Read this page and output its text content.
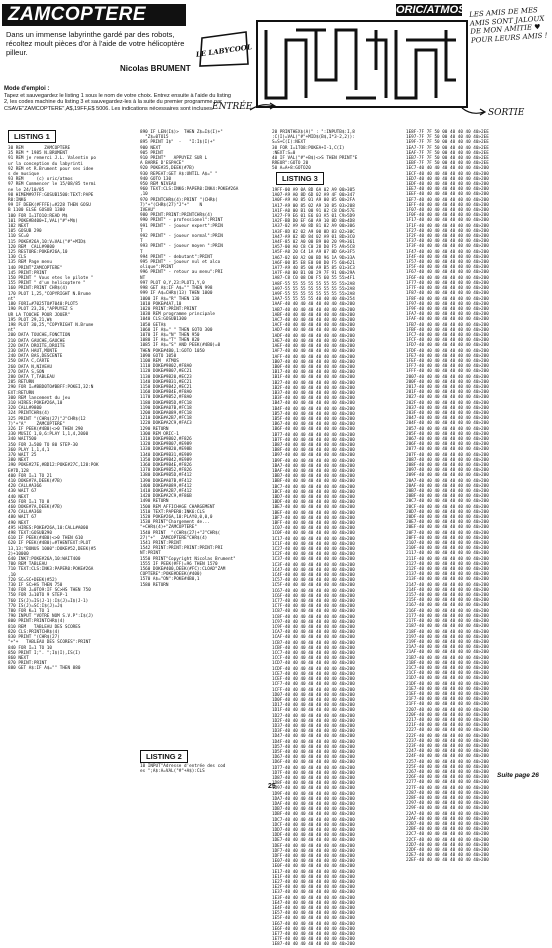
ZAMCOPTERE	ORIC/ATMOS
Dans un immense labyrinthe gardé par des robots, récoltez moult pièces d'or à l'aide de votre hélicoptère pilleur.
Nicolas BRUMENT
LE LABYCOOL
LES AMIS DE MES AMIS SONT JALOUX DE MON AMITIE ♥ POUR LEURS AMIS !
ENTRÉE
SORTIE
Mode d'emploi :
Tapez et sauvegardez le listing 1 sous le nom de votre choix. Entrez ensuite à l'aide du listing 2, les codes machine du listing 3 et sauvegardez-les à la suite du premier programme par CSAVE"ZAMCOPTERE",A$,19FF,E$ 5006. Les indications nécessaires sont incluses.
LISTING 1
30 REM        ZAMCOPTERE
35 REM * 1985 N.BRUMENT
91 REM je remerci J.L. Valentin po
ur la conception du labyrinti
92 REM et R.Brument pour ses idee
s de musique
93 REM     (c) oric/atmos
97 REM Commencer le 15/08/85 termi
ne le 24/10/85
98 HIMEM#97FF:GOSUB1500:TEXT:PAPE
R0:INK6
99 IF DEEK(#FFFE)=#228 THEN GOSU
B 1100 ELSE GOSUB 1300
100 FOR I=1TO10:READ M$
101 POKE#B400+I,VAL("#"+M$)
102 NEXT
105 GOSUB 290
110 SC=0
115 POKE#26A,10:V=VAL("#"+MID$
120 REM  CALL#9800
125 RESTORE:POKE#26A,10
130 CLS
135 REM Page menu
140 PRINT"ZAMCOPTERE"
145 PRINT:PRINT
150 PRINT " Vous etes le pilote "
155 PRINT " d'un helicoptere "
160 PRINT:PRINT CHR$(4)
170 PLOT 1,25,"COPYRIGHT N.Brume
nt"
180 FORI=#7025TO#7040:PLOT5
190 PLOT 23,26,"APPUYEZ S
UR LA TOUCHE POUR JOUER"
195 PLOT 29,21,W$
198 PLOT 30,25,"COPYRIGHT N.Brume
nt"
200 DATA TOUCHE,FONCTION
210 DATA GAUCHE,GAUCHE
220 DATA DROITE,DROITE
230 DATA HAUT,MONTE
240 DATA BAS,DESCENTE
250 DATA C,CARTE
260 DATA N,NIVEAU
270 DATA S,SON
280 DATA T,TABLEAU
285 RETURN
290 FOR I=#BBD0TO#BBFF:POKEI,32:N
EXT:RETURN
300 REM lancement du jeu
310 HIRES:POKE#26A,10
320 CALL#9800
324 PRINTCHR$(4)
325 PRINT "(CHR$(27)"J"CHR$(12
7)"+"A"    ZAMCOPTERE"
326 IF PEEK(#4B0)<>0 THEN 290
330 MUSIC 1,0,6:PLAY 1,1,4,2000
340 WAIT500
350 FOR J=500 TO 80 STEP-30
360 PLAY 1,1,4,1
370 WAIT 25
380 NEXT
390 POKE#27E,#BD12:POKE#27C,128:POK
E#7D,128
400 FOR I=1 TO 21
410 DOKE#7A,DEEK(#7B)
420 CALL#A366
430 WAIT 67
440 NEXT
450 FOR I=1 TO 8
460 DOKE#7A,DEEK(#7B)
470 CALL#A368
480 WAIT 67
490 NEXT
495 HIRES:POKE#26A,10:CALL#A000
498 TEXT:GOSUB290
610 IF PEEK(#4B0)<>0 THEN 610
620 IF PEEK(#4B0)=#THENTEXT:PLOT
13,13:"BONUS 1000":DOKE#52,DEEK(#5
2)+10000
640 INK7:POKE#26A,10:WAIT400
700 REM TABLEAU
710 TEXT:CLS:INK3:PAPER0:POKE#26A
,10
720 SC=SC+DEEK(#52)
730 IF SC>HS THEN 750
740 FOR J=0TO9:IF SC>HS THEN 750
750 FOR J=10TO 9 STEP-1
760 IS(J)=IS(J-1):I$(J)=I$(J-1)
770 IS(J)=SC:I$(J)=J$
780 FOR K=1 TO 1
790 INPUT "VOTRE NOM S.V.P":I$(J)
800 PRINT:PRINTCHR$(4)
810 REM   TABLEAU DES SCORES
820 CLS:PRINTCHR$(4)
830 PRINT "(CHR$(27)
"+"+   TABLEAU DES SCORES":PRINT
840 FOR I=1 TO 10
850 PRINT I;". ";I$(I),IS(I)
860 NEXT
870 PRINT:PRINT
880 GET A$:IF A$="" THEN 880
890 IF LEN(I$)>  THEN Z$=I$(I)+"
"Z$=0TO15
895 PRINT I$"  -   "I:I$(I)+"
900 NEXT
905 PRINT
910 PRINT"   APPUYEZ SUR L
A BARRE D'ESPACE"
920 POKE#35,DEEK(#7B)
930 REPEAT:GET A$:UNTIL A$=" "
940 GOTO 130
950 REM NIVEAU
960 TEXT:CLS:INK6:PAPER0:INK4:POKE#26A
,10
970 PRINTCHR$(4):PRINT "(CHR$(
7)"+"(CHR$(27)"J"+"    N
IVEAU"
980 PRINT:PRINT:PRINTCHR$(4)
990 PRINT" - professionel":PRINT
991 PRINT" - joueur expert":PRIN
T
992 PRINT" - joueur normal":PRIN
T
993 PRINT" - joueur moyen ":PRIN
T
994 PRINT" - debutant":PRINT
995 PRINT" - joueur nul et alco
olique":PRINT
996 PRINT" - retour au menu":PRI
NT
997 PLOT 0,Y,23:PLOT1,Y,0
998 GET A$:IF A$="" THEN 998
999 IF A$=CHR$(13) THEN 1000
1000 IF A$="R" THEN 130
1010 POKE#4A7,10
1020 PRINT:PRINT:PRINT
1030 REM programme principale
1040 CLS:GOSUB1300
1050 GETA$
1060 IF A$=" " THEN GOTO 300
1070 IF A$="N" THEN 950
1080 IF A$="T" THEN 820
1085 IF A$="S" AND PEEK(#4B0)=0
THEN POKE#4B0,1:GOTO 1050
1090 GOTO 1050
1100 REM  ATMOS
1110 DOKE#9802,#F8A0
1120 DOKE#9B07,#EC21
1130 DOKE#9B20,#EC23
1140 DOKE#9B31,#EC21
1150 DOKE#9B42,#EC21
1160 DOKE#9B4E,#F8A0
1170 DOKE#9B52,#F8A0
1180 DOKE#9B5D,#FC18
1190 DOKE#A07B,#FC18
1200 DOKE#A089,#FC18
1210 DOKE#A2B7,#FC18
1220 DOKE#A2C9,#FAC3
1290 RETURN
1300 REM ORIC-1
1310 DOKE#9B02,#F826
1320 DOKE#9B07,#E989
1330 DOKE#9B20,#E98B
1340 DOKE#9B31,#E989
1350 DOKE#9B42,#E989
1360 DOKE#9B4E,#F826
1370 DOKE#9B52,#F826
1380 DOKE#9B5D,#F412
1390 DOKE#A07B,#F412
1400 DOKE#A089,#F412
1410 DOKE#A2B7,#F412
1420 DOKE#A2C9,#F86B
1490 RETURN
1500 REM AFFICHAGE CHARGEMENT
1510 TEXT:PAPER0:INK6:CLS
1520 POKE#26A,10:PLAY0,0,0,0
1530 PRINT"Chargement de...
"+CHR$(4)+"ZAMCOPTERE"
1540 PRINT  "(CHR$(27)+"J"CHR$(
27)"+"  ZAMCOPTERE"CHR$(4)
1541 PRINT:PRINT
1542 PRINT:PRINT:PRINT:PRINT:PRI
NT:PRINT
1550 PRINT"Copyright Nicolas Brument"
1555 IF PEEK(#FF)=96 THEN 1570
1560 DOKE#400,DEEK(#FC):CLOAD"ZAM
COPTERE":POKE#DEEK(#400)
1570 A$="ON":POKE#4B0,1
1580 RETURN
LISTING 2
10 INPUT"Adresse d'entrée des cod
es ";A$:A=VAL("#"+A$):CLS
20 PRINTHEX$(A)" : ":INPUTB$:I,8
:C(I)=VAL("#"+MID$(B$,I*3-2,2)):
S=S+C(I):NEXT
30 FOR I=1TO8:POKEA+I-1,C(I)
:NEXT:S=0
40 IF VAL("#"+B$)<>S THEN PRINT"E
RREUR":GOTO 20
50 A=A+8:GOTO20
LISTING 3
19FF-00 A9 0A 8D 6A 02 A9 00>305
1A07-A9 A0 8D 6D 02 A9 4F 00>347
1A0F-A9 A0 85 01 A9 00 85 00>2FA
1A17-A9 00 85 02 A9 10 85 03>208
1A1F-A0 00 B1 00 91 02 C8 D0>57E
1A27-F9 E6 01 E6 03 A5 01 C9>5D9
1A2F-BB D0 EF 60 A9 10 8D 80>4D8
1A37-02 A9 A0 8D 81 02 A9 00>306
1A3F-8D 82 02 A9 00 8D 83 02>30C
1A47-A9 02 8D 84 02 A9 01 8D>3C0
1A4F-85 02 A0 00 B9 00 20 99>361
1A57-00 A0 C8 C0 28 D0 F5 A9>5C8
1A5F-A0 20 C4 1A A9 07 8D 6A>3F5
1A67-02 60 A2 00 BD 96 1A 9D>33A
1A6F-00 B5 E8 E0 08 D0 F5 60>621
1A77-A9 40 85 00 A9 B5 85 01>3C3
1A7F-A0 00 B1 00 29 7F 91 00>29A
1A87-C8 C0 08 D0 F5 60 55 55>4F1
1A8F-55 55 55 55 55 55 55 55>2A8
1A97-55 55 55 55 55 55 55 55>2A8
1A9F-55 55 55 55 55 55 55 55>2A8
1AA7-55 55 55 55 40 40 40 40>254
1AAF-40 40 40 40 40 40 40 40>200
1AB7-40 40 40 40 40 40 40 40>200
1ABF-40 40 40 40 40 40 40 40>200
1AC7-40 40 40 40 40 40 40 40>200
1ACF-40 40 40 40 40 40 40 40>200
1AD7-40 40 40 40 40 40 40 40>200
1ADF-40 40 40 40 40 40 40 40>200
1AE7-40 40 40 40 40 40 40 40>200
1AEF-40 40 40 40 40 40 40 40>200
1AF7-40 40 40 40 40 40 40 40>200
1AFF-40 40 40 40 40 40 40 40>200
1B07-40 40 40 40 40 40 40 40>200
1B0F-40 40 40 40 40 40 40 40>200
1B17-40 40 40 40 40 40 40 40>200
1B1F-40 40 40 40 40 40 40 40>200
1B27-40 40 40 40 40 40 40 40>200
1B2F-40 40 40 40 40 40 40 40>200
1B37-40 40 40 40 40 40 40 40>200
1B3F-40 40 40 40 40 40 40 40>200
1B47-40 40 40 40 40 40 40 40>200
1B4F-40 40 40 40 40 40 40 40>200
1B57-40 40 40 40 40 40 40 40>200
1B5F-40 40 40 40 40 40 40 40>200
1B67-40 40 40 40 40 40 40 40>200
1B6F-40 40 40 40 40 40 40 40>200
1B77-40 40 40 40 40 40 40 40>200
1B7F-40 40 40 40 40 40 40 40>200
1B87-40 40 40 40 40 40 40 40>200
1B8F-40 40 40 40 40 40 40 40>200
1B97-40 40 40 40 40 40 40 40>200
1B9F-40 40 40 40 40 40 40 40>200
1BA7-40 40 40 40 40 40 40 40>200
1BAF-40 40 40 40 40 40 40 40>200
1BB7-40 40 40 40 40 40 40 40>200
1BBF-40 40 40 40 40 40 40 40>200
1BC7-40 40 40 40 40 40 40 40>200
1BCF-40 40 40 40 40 40 40 40>200
1BD7-40 40 40 40 40 40 40 40>200
1BDF-40 40 40 40 40 40 40 40>200
1BE7-40 40 40 40 40 40 40 40>200
1BEF-40 40 40 40 40 40 40 40>200
1BF7-40 40 40 40 40 40 40 40>200
1BFF-40 40 40 40 40 40 40 40>200
1C07-40 40 40 40 40 40 40 40>200
1C0F-40 40 40 40 40 40 40 40>200
1C17-40 40 40 40 40 40 40 40>200
1C1F-40 40 40 40 40 40 40 40>200
1C27-40 40 40 40 40 40 40 40>200
1C2F-40 40 40 40 40 40 40 40>200
1C37-40 40 40 40 40 40 40 40>200
1C3F-40 40 40 40 40 40 40 40>200
1C47-40 40 40 40 40 40 40 40>200
1C4F-40 40 40 40 40 40 40 40>200
1C57-40 40 40 40 40 40 40 40>200
1C5F-40 40 40 40 40 40 40 40>200
1C67-40 40 40 40 40 40 40 40>200
1C6F-40 40 40 40 40 40 40 40>200
1C77-40 40 40 40 40 40 40 40>200
1C7F-40 40 40 40 40 40 40 40>200
1C87-40 40 40 40 40 40 40 40>200
1C8F-40 40 40 40 40 40 40 40>200
1C97-40 40 40 40 40 40 40 40>200
1C9F-40 40 40 40 40 40 40 40>200
1CA7-40 40 40 40 40 40 40 40>200
1CAF-40 40 40 40 40 40 40 40>200
1CB7-40 40 40 40 40 40 40 40>200
1CBF-40 40 40 40 40 40 40 40>200
1CC7-40 40 40 40 40 40 40 40>200
1CCF-40 40 40 40 40 40 40 40>200
1CD7-40 40 40 40 40 40 40 40>200
1CDF-40 40 40 40 40 40 40 40>200
1CE7-40 40 40 40 40 40 40 40>200
1CEF-40 40 40 40 40 40 40 40>200
1CF7-40 40 40 40 40 40 40 40>200
1CFF-40 40 40 40 40 40 40 40>200
1D07-40 40 40 40 40 40 40 40>200
1D0F-40 40 40 40 40 40 40 40>200
1D17-40 40 40 40 40 40 40 40>200
1D1F-40 40 40 40 40 40 40 40>200
1D27-40 40 40 40 40 40 40 40>200
1D2F-40 40 40 40 40 40 40 40>200
1D37-40 40 40 40 40 40 40 40>200
1D3F-40 40 40 40 40 40 40 40>200
1D47-40 40 40 40 40 40 40 40>200
1D4F-40 40 40 40 40 40 40 40>200
1D57-40 40 40 40 40 40 40 40>200
1D5F-40 40 40 40 40 40 40 40>200
1D67-40 40 40 40 40 40 40 40>200
1D6F-40 40 40 40 40 40 40 40>200
1D77-40 40 40 40 40 40 40 40>200
1D7F-40 40 40 40 40 40 40 40>200
1D87-40 40 40 40 40 40 40 40>200
1D8F-40 40 40 40 40 40 40 40>200
1D97-40 40 40 40 40 40 40 40>200
1D9F-40 40 40 40 40 40 40 40>200
1DA7-40 40 40 40 40 40 40 40>200
1DAF-40 40 40 40 40 40 40 40>200
1DB7-40 40 40 40 40 40 40 40>200
1DBF-40 40 40 40 40 40 40 40>200
1DC7-40 40 40 40 40 40 40 40>200
1DCF-40 40 40 40 40 40 40 40>200
1DD7-40 40 40 40 40 40 40 40>200
1DDF-40 40 40 40 40 40 40 40>200
1DE7-40 40 40 40 40 40 40 40>200
1DEF-40 40 40 40 40 40 40 40>200
1DF7-40 40 40 40 40 40 40 40>200
1DFF-40 40 40 40 40 40 40 40>200
1E07-40 40 40 40 40 40 40 40>200
1E0F-40 40 40 40 40 40 40 40>200
1E17-40 40 40 40 40 40 40 40>200
1E1F-40 40 40 40 40 40 40 40>200
1E27-40 40 40 40 40 40 40 40>200
1E2F-40 40 40 40 40 40 40 40>200
1E37-40 40 40 40 40 40 40 40>200
1E3F-40 40 40 40 40 40 40 40>200
1E47-40 40 40 40 40 40 40 40>200
1E4F-40 40 40 40 40 40 40 40>200
1E57-40 40 40 40 40 40 40 40>200
1E5F-40 40 40 40 40 40 40 40>200
1E67-40 40 40 40 40 40 40 40>200
1E6F-40 40 40 40 40 40 40 40>200
1E77-40 40 40 40 40 40 40 40>200
1E7F-40 40 40 40 40 40 40 40>200
1E87-40 40 40 40 40 40 40 40>200
1E8F-7F 7F 50 00 40 40 40 40>2EE
1E97-7F 7F 50 00 40 40 40 40>2EE
1E9F-7F 7F 50 00 40 40 40 40>2EE
1EA7-7F 7F 50 00 40 40 40 40>2EE
1EAF-7F 7F 50 00 40 40 40 40>2EE
1EB7-7F 7F 50 00 40 40 40 40>2EE
1EBF-7F 7F 50 00 40 40 40 40>2EE
1EC7-40 40 40 40 40 40 40 40>200
1ECF-40 40 40 40 40 40 40 40>200
1ED7-40 40 40 40 40 40 40 40>200
1EDF-40 40 40 40 40 40 40 40>200
1EE7-40 40 40 40 40 40 40 40>200
1EEF-40 40 40 40 40 40 40 40>200
1EF7-40 40 40 40 40 40 40 40>200
1EFF-40 40 40 40 40 40 40 40>200
1F07-40 40 40 40 40 40 40 40>200
1F0F-40 40 40 40 40 40 40 40>200
1F17-40 40 40 40 40 40 40 40>200
1F1F-40 40 40 40 40 40 40 40>200
1F27-40 40 40 40 40 40 40 40>200
1F2F-40 40 40 40 40 40 40 40>200
1F37-40 40 40 40 40 40 40 40>200
1F3F-40 40 40 40 40 40 40 40>200
1F47-40 40 40 40 40 40 40 40>200
1F4F-40 40 40 40 40 40 40 40>200
1F57-40 40 40 40 40 40 40 40>200
1F5F-40 40 40 40 40 40 40 40>200
1F67-40 40 40 40 40 40 40 40>200
1F6F-40 40 40 40 40 40 40 40>200
1F77-40 40 40 40 40 40 40 40>200
1F7F-40 40 40 40 40 40 40 40>200
1F87-40 40 40 40 40 40 40 40>200
1F8F-40 40 40 40 40 40 40 40>200
1F97-40 40 40 40 40 40 40 40>200
1F9F-40 40 40 40 40 40 40 40>200
1FA7-40 40 40 40 40 40 40 40>200
1FAF-40 40 40 40 40 40 40 40>200
1FB7-40 40 40 40 40 40 40 40>200
1FBF-40 40 40 40 40 40 40 40>200
1FC7-40 40 40 40 40 40 40 40>200
1FCF-40 40 40 40 40 40 40 40>200
1FD7-40 40 40 40 40 40 40 40>200
1FDF-40 40 40 40 40 40 40 40>200
1FE7-40 40 40 40 40 40 40 40>200
1FEF-40 40 40 40 40 40 40 40>200
1FF7-40 40 40 40 40 40 40 40>200
1FFF-40 40 40 40 40 40 40 40>200
2007-40 40 40 40 40 40 40 40>200
200F-40 40 40 40 40 40 40 40>200
2017-40 40 40 40 40 40 40 40>200
201F-40 40 40 40 40 40 40 40>200
2027-40 40 40 40 40 40 40 40>200
202F-40 40 40 40 40 40 40 40>200
2037-40 40 40 40 40 40 40 40>200
203F-40 40 40 40 40 40 40 40>200
2047-40 40 40 40 40 40 40 40>200
204F-40 40 40 40 40 40 40 40>200
2057-40 40 40 40 40 40 40 40>200
205F-40 40 40 40 40 40 40 40>200
2067-40 40 40 40 40 40 40 40>200
206F-40 40 40 40 40 40 40 40>200
2077-40 40 40 40 40 40 40 40>200
207F-40 40 40 40 40 40 40 40>200
2087-40 40 40 40 40 40 40 40>200
208F-40 40 40 40 40 40 40 40>200
2097-40 40 40 40 40 40 40 40>200
209F-40 40 40 40 40 40 40 40>200
20A7-40 40 40 40 40 40 40 40>200
20AF-40 40 40 40 40 40 40 40>200
20B7-40 40 40 40 40 40 40 40>200
20BF-40 40 40 40 40 40 40 40>200
20C7-40 40 40 40 40 40 40 40>200
20CF-40 40 40 40 40 40 40 40>200
20D7-40 40 40 40 40 40 40 40>200
20DF-40 40 40 40 40 40 40 40>200
20E7-40 40 40 40 40 40 40 40>200
20EF-40 40 40 40 40 40 40 40>200
20F7-40 40 40 40 40 40 40 40>200
20FF-40 40 40 40 40 40 40 40>200
2107-40 40 40 40 40 40 40 40>200
210F-40 40 40 40 40 40 40 40>200
2117-40 40 40 40 40 40 40 40>200
211F-40 40 40 40 40 40 40 40>200
2127-40 40 40 40 40 40 40 40>200
212F-40 40 40 40 40 40 40 40>200
2137-40 40 40 40 40 40 40 40>200
213F-40 40 40 40 40 40 40 40>200
2147-40 40 40 40 40 40 40 40>200
214F-40 40 40 40 40 40 40 40>200
2157-40 40 40 40 40 40 40 40>200
215F-40 40 40 40 40 40 40 40>200
2167-40 40 40 40 40 40 40 40>200
216F-40 40 40 40 40 40 40 40>200
2177-40 40 40 40 40 40 40 40>200
217F-40 40 40 40 40 40 40 40>200
2187-40 40 40 40 40 40 40 40>200
218F-40 40 40 40 40 40 40 40>200
2197-40 40 40 40 40 40 40 40>200
219F-40 40 40 40 40 40 40 40>200
21A7-40 40 40 40 40 40 40 40>200
21AF-40 40 40 40 40 40 40 40>200
21B7-40 40 40 40 40 40 40 40>200
21BF-40 40 40 40 40 40 40 40>200
21C7-40 40 40 40 40 40 40 40>200
21CF-40 40 40 40 40 40 40 40>200
21D7-40 40 40 40 40 40 40 40>200
21DF-40 40 40 40 40 40 40 40>200
21E7-40 40 40 40 40 40 40 40>200
21EF-40 40 40 40 40 40 40 40>200
21F7-40 40 40 40 40 40 40 40>200
21FF-40 40 40 40 40 40 40 40>200
2207-40 40 40 40 40 40 40 40>200
220F-40 40 40 40 40 40 40 40>200
2217-40 40 40 40 40 40 40 40>200
221F-40 40 40 40 40 40 40 40>200
2227-40 40 40 40 40 40 40 40>200
222F-40 40 40 40 40 40 40 40>200
2237-40 40 40 40 40 40 40 40>200
223F-40 40 40 40 40 40 40 40>200
2247-40 40 40 40 40 40 40 40>200
224F-40 40 40 40 40 40 40 40>200
2257-40 40 40 40 40 40 40 40>200
225F-40 40 40 40 40 40 40 40>200
2267-40 40 40 40 40 40 40 40>200
226F-40 40 40 40 40 40 40 40>200
2277-40 40 40 40 40 40 40 40>200
227F-40 40 40 40 40 40 40 40>200
2287-40 40 40 40 40 40 40 40>200
228F-40 40 40 40 40 40 40 40>200
2297-40 40 40 40 40 40 40 40>200
229F-40 40 40 40 40 40 40 40>200
22A7-40 40 40 40 40 40 40 40>200
22AF-40 40 40 40 40 40 40 40>200
22B7-40 40 40 40 40 40 40 40>200
22BF-40 40 40 40 40 40 40 40>200
22C7-40 40 40 40 40 40 40 40>200
22CF-40 40 40 40 40 40 40 40>200
22D7-40 40 40 40 40 40 40 40>200
22DF-40 40 40 40 40 40 40 40>200
22E7-40 40 40 40 40 40 40 40>200
22EF-40 40 40 40 40 40 40 40>200
Suite page 26
25
